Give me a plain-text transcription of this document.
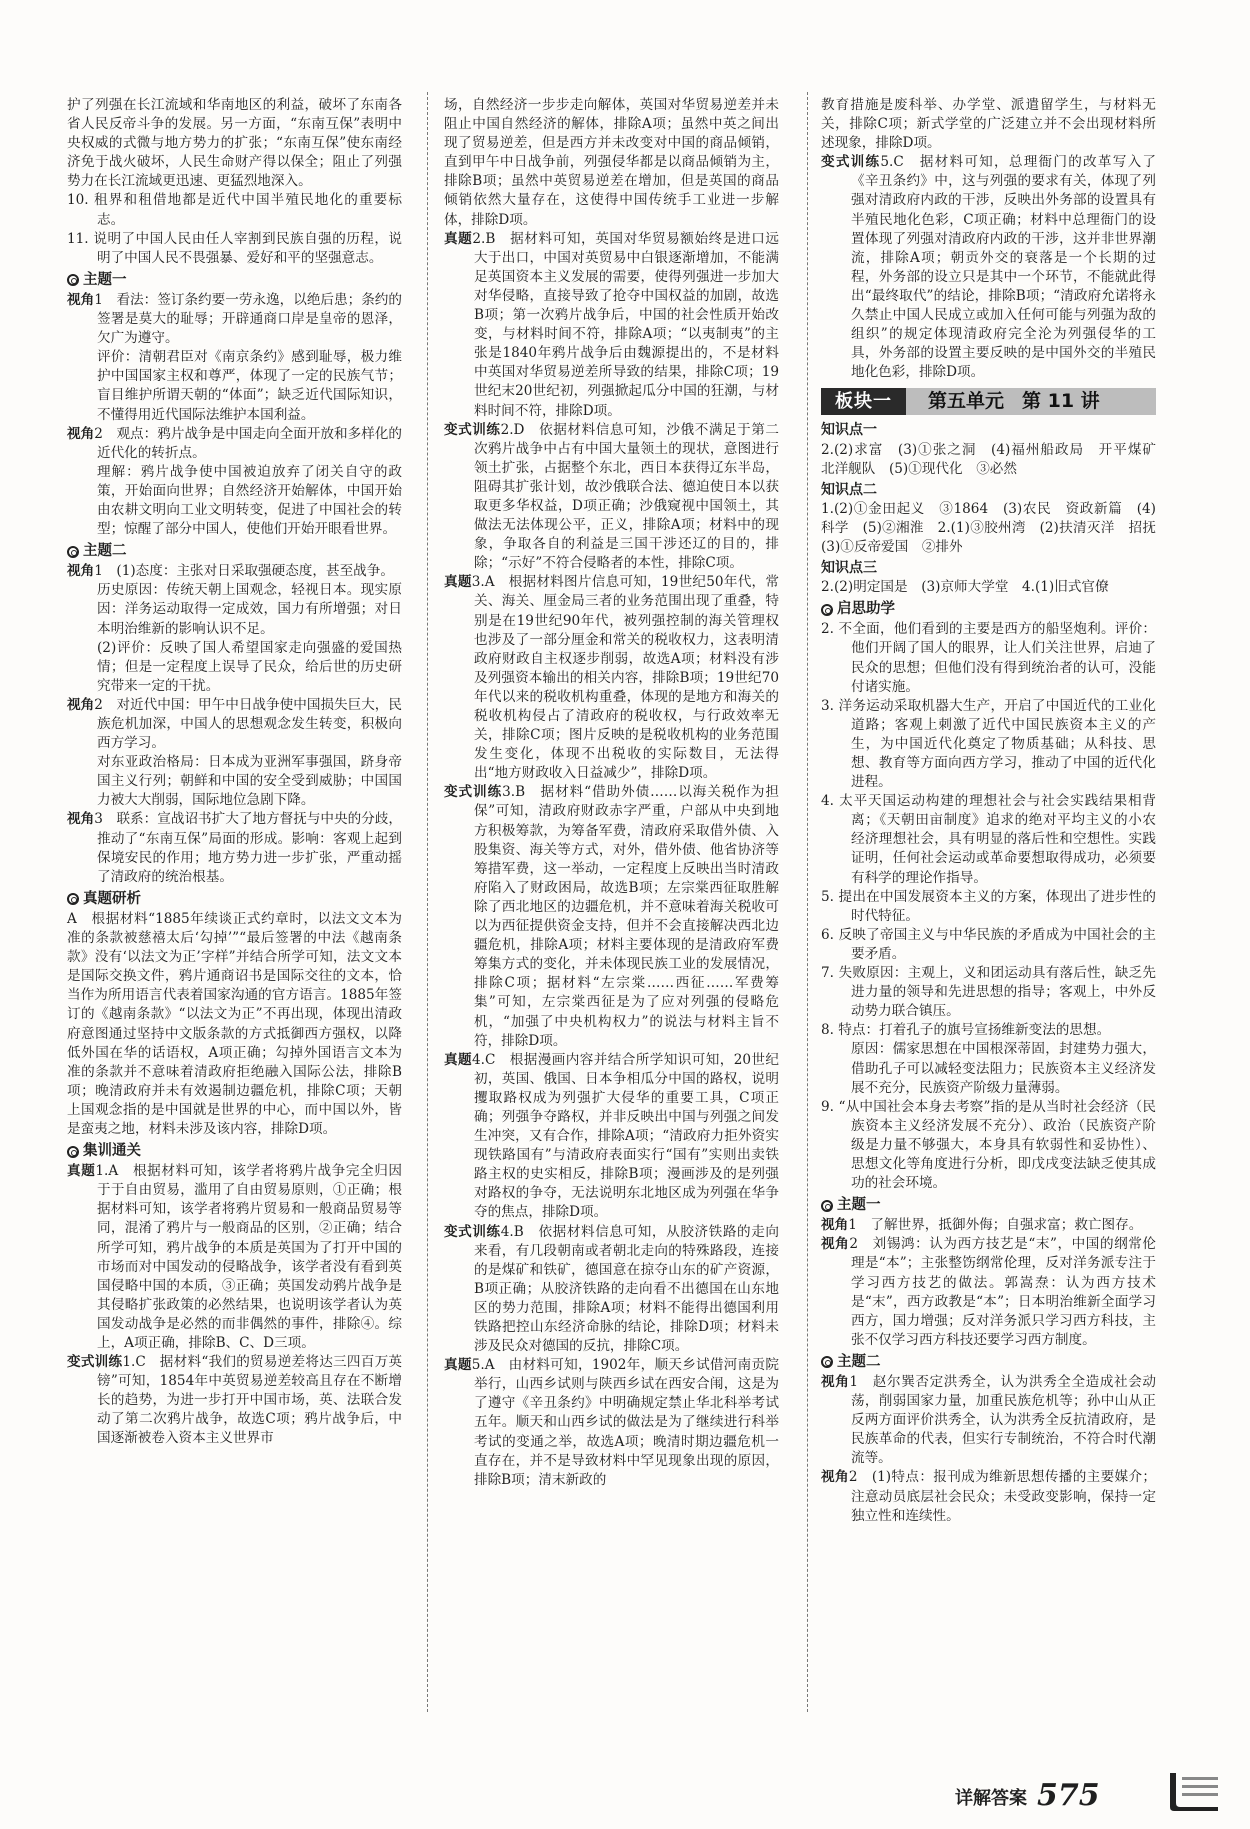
护了列强在长江流域和华南地区的利益，破坏了东南各省人民反帝斗争的发展。另一方面，“东南互保”表明中央权威的式微与地方势力的扩张；“东南互保”使东南经济免于战火破坏，人民生命财产得以保全；阻止了列强势力在长江流域更迅速、更猛烈地深入。

10. 租界和租借地都是近代中国半殖民地化的重要标志。

11. 说明了中国人民由任人宰割到民族自强的历程，说明了中国人民不畏强暴、爱好和平的坚强意志。

主题一

视角1　看法：签订条约要一劳永逸，以绝后患；条约的签署是莫大的耻辱；开辟通商口岸是皇帝的恩泽，欠广为遵守。

评价：清朝君臣对《南京条约》感到耻辱，极力维护中国国家主权和尊严，体现了一定的民族气节；盲目维护所谓天朝的“体面”；缺乏近代国际知识，不懂得用近代国际法维护本国利益。

视角2　观点：鸦片战争是中国走向全面开放和多样化的近代化的转折点。

理解：鸦片战争使中国被迫放弃了闭关自守的政策，开始面向世界；自然经济开始解体，中国开始由农耕文明向工业文明转变，促进了中国社会的转型；惊醒了部分中国人，使他们开始开眼看世界。

主题二

视角1　(1)态度：主张对日采取强硬态度，甚至战争。

历史原因：传统天朝上国观念，轻视日本。现实原因：洋务运动取得一定成效，国力有所增强；对日本明治维新的影响认识不足。

(2)评价：反映了国人希望国家走向强盛的爱国热情；但是一定程度上误导了民众，给后世的历史研究带来一定的干扰。

视角2　对近代中国：甲午中日战争使中国损失巨大，民族危机加深，中国人的思想观念发生转变，积极向西方学习。

对东亚政治格局：日本成为亚洲军事强国，跻身帝国主义行列；朝鲜和中国的安全受到威胁；中国国力被大大削弱，国际地位急剧下降。

视角3　联系：宣战诏书扩大了地方督抚与中央的分歧，推动了“东南互保”局面的形成。影响：客观上起到保境安民的作用；地方势力进一步扩张，严重动摇了清政府的统治根基。

真题研析

A　根据材料“1885年续谈正式约章时，以法文文本为准的条款被慈禧太后‘勾掉’”“最后签署的中法《越南条款》没有‘以法文为正’字样”并结合所学可知，法文文本是国际交换文件，鸦片通商诏书是国际交往的文本，恰当作为所用语言代表着国家沟通的官方语言。1885年签订的《越南条款》“以法文为正”不再出现，体现出清政府意图通过坚持中文版条款的方式抵御西方强权，以降低外国在华的话语权，A项正确；勾掉外国语言文本为准的条款并不意味着清政府拒绝融入国际公法，排除B项；晚清政府并未有效遏制边疆危机，排除C项；天朝上国观念指的是中国就是世界的中心，而中国以外，皆是蛮夷之地，材料未涉及该内容，排除D项。

集训通关

真题1.A　根据材料可知，该学者将鸦片战争完全归因于于自由贸易，滥用了自由贸易原则，①正确；根据材料可知，该学者将鸦片贸易和一般商品贸易等同，混淆了鸦片与一般商品的区别，②正确；结合所学可知，鸦片战争的本质是英国为了打开中国的市场而对中国发动的侵略战争，该学者没有看到英国侵略中国的本质，③正确；英国发动鸦片战争是其侵略扩张政策的必然结果，也说明该学者认为英国发动战争是必然的而非偶然的事件，排除④。综上，A项正确，排除B、C、D三项。

变式训练1.C　据材料“我们的贸易逆差将达三四百万英镑”可知，1854年中英贸易逆差较高且存在不断增长的趋势，为进一步打开中国市场，英、法联合发动了第二次鸦片战争，故选C项；鸦片战争后，中国逐渐被卷入资本主义世界市

场，自然经济一步步走向解体，英国对华贸易逆差并未阻止中国自然经济的解体，排除A项；虽然中英之间出现了贸易逆差，但是西方并未改变对中国的商品倾销，直到甲午中日战争前，列强侵华都是以商品倾销为主，排除B项；虽然中英贸易逆差在增加，但是英国的商品倾销依然大量存在，这使得中国传统手工业进一步解体，排除D项。

真题2.B　据材料可知，英国对华贸易额始终是进口远大于出口，中国对英贸易中白银逐渐增加，不能满足英国资本主义发展的需要，使得列强进一步加大对华侵略，直接导致了抢夺中国权益的加剧，故选B项；第一次鸦片战争后，中国的社会性质开始改变，与材料时间不符，排除A项；“以夷制夷”的主张是1840年鸦片战争后由魏源提出的，不是材料中英国对华贸易逆差所导致的结果，排除C项；19世纪末20世纪初，列强掀起瓜分中国的狂潮，与材料时间不符，排除D项。

变式训练2.D　依据材料信息可知，沙俄不满足于第二次鸦片战争中占有中国大量领土的现状，意图进行领土扩张，占据整个东北，西日本获得辽东半岛，阻碍其扩张计划，故沙俄联合法、德迫使日本以获取更多华权益，D项正确；沙俄窥视中国领土，其做法无法体现公平，正义，排除A项；材料中的现象，争取各自的利益是三国干涉还辽的目的，排除；“示好”不符合侵略者的本性，排除C项。

真题3.A　根据材料图片信息可知，19世纪50年代，常关、海关、厘金局三者的业务范围出现了重叠，特别是在19世纪90年代，被列强控制的海关管理权也涉及了一部分厘金和常关的税收权力，这表明清政府财政自主权逐步削弱，故选A项；材料没有涉及列强资本输出的相关内容，排除B项；19世纪70年代以来的税收机构重叠，体现的是地方和海关的税收机构侵占了清政府的税收权，与行政效率无关，排除C项；图片反映的是税收机构的业务范围发生变化，体现不出税收的实际数目，无法得出“地方财政收入日益减少”，排除D项。

变式训练3.B　据材料“借助外债……以海关税作为担保”可知，清政府财政赤字严重，户部从中央到地方积极筹款，为筹备军费，清政府采取借外债、入股集资、海关等方式，对外，借外债、他省协济等筹措军费，这一举动，一定程度上反映出当时清政府陷入了财政困局，故选B项；左宗棠西征取胜解除了西北地区的边疆危机，并不意味着海关税收可以为西征提供资金支持，但并不会直接解决西北边疆危机，排除A项；材料主要体现的是清政府军费筹集方式的变化，并未体现民族工业的发展情况，排除C项；据材料“左宗棠……西征……军费筹集”可知，左宗棠西征是为了应对列强的侵略危机，“加强了中央机构权力”的说法与材料主旨不符，排除D项。

真题4.C　根据漫画内容并结合所学知识可知，20世纪初，英国、俄国、日本争相瓜分中国的路权，说明攫取路权成为列强扩大侵华的重要工具，C项正确；列强争夺路权，并非反映出中国与列强之间发生冲突，又有合作，排除A项；“清政府力拒外资实现铁路国有”与清政府表面实行“国有”实则出卖铁路主权的史实相反，排除B项；漫画涉及的是列强对路权的争夺，无法说明东北地区成为列强在华争夺的焦点，排除D项。

变式训练4.B　依据材料信息可知，从胶济铁路的走向来看，有几段朝南或者朝北走向的特殊路段，连接的是煤矿和铁矿，德国意在掠夺山东的矿产资源，B项正确；从胶济铁路的走向看不出德国在山东地区的势力范围，排除A项；材料不能得出德国利用铁路把控山东经济命脉的结论，排除D项；材料未涉及民众对德国的反抗，排除C项。

真题5.A　由材料可知，1902年，顺天乡试借河南贡院举行，山西乡试则与陕西乡试在西安合闱，这是为了遵守《辛丑条约》中明确规定禁止华北科举考试五年。顺天和山西乡试的做法是为了继续进行科举考试的变通之举，故选A项；晚清时期边疆危机一直存在，并不是导致材料中罕见现象出现的原因，排除B项；清末新政的

教育措施是废科举、办学堂、派遣留学生，与材料无关，排除C项；新式学堂的广泛建立并不会出现材料所述现象，排除D项。

变式训练5.C　据材料可知，总理衙门的改革写入了《辛丑条约》中，这与列强的要求有关，体现了列强对清政府内政的干涉，反映出外务部的设置具有半殖民地化色彩，C项正确；材料中总理衙门的设置体现了列强对清政府内政的干涉，这并非世界潮流，排除A项；朝贡外交的衰落是一个长期的过程，外务部的设立只是其中一个环节，不能就此得出“最终取代”的结论，排除B项；“清政府允诺将永久禁止中国人民成立或加入任何可能与列强为敌的组织”的规定体现清政府完全沦为列强侵华的工具，外务部的设置主要反映的是中国外交的半殖民地化色彩，排除D项。

板块一	第五单元 第 11 讲
知识点一

2.(2)求富　(3)①张之洞　(4)福州船政局　开平煤矿　北洋舰队　(5)①现代化　③必然

知识点二

1.(2)①金田起义　③1864　(3)农民　资政新篇　(4)科学　(5)②湘淮　2.(1)③胶州湾　(2)扶清灭洋　招抚　(3)①反帝爱国　②排外

知识点三

2.(2)明定国是　(3)京师大学堂　4.(1)旧式官僚

启思助学

2. 不全面，他们看到的主要是西方的船坚炮利。评价：他们开阔了国人的眼界，让人们关注世界，启迪了民众的思想；但他们没有得到统治者的认可，没能付诸实施。

3. 洋务运动采取机器大生产，开启了中国近代的工业化道路；客观上刺激了近代中国民族资本主义的产生，为中国近代化奠定了物质基础；从科技、思想、教育等方面向西方学习，推动了中国的近代化进程。

4. 太平天国运动构建的理想社会与社会实践结果相背离；《天朝田亩制度》追求的绝对平均主义的小农经济理想社会，具有明显的落后性和空想性。实践证明，任何社会运动或革命要想取得成功，必须要有科学的理论作指导。

5. 提出在中国发展资本主义的方案，体现出了进步性的时代特征。

6. 反映了帝国主义与中华民族的矛盾成为中国社会的主要矛盾。

7. 失败原因：主观上，义和团运动具有落后性，缺乏先进力量的领导和先进思想的指导；客观上，中外反动势力联合镇压。

8. 特点：打着孔子的旗号宣扬维新变法的思想。

原因：儒家思想在中国根深蒂固，封建势力强大，借助孔子可以减轻变法阻力；民族资本主义经济发展不充分，民族资产阶级力量薄弱。

9. “从中国社会本身去考察”指的是从当时社会经济（民族资本主义经济发展不充分）、政治（民族资产阶级是力量不够强大，本身具有软弱性和妥协性）、思想文化等角度进行分析，即戊戌变法缺乏使其成功的社会环境。

主题一

视角1　了解世界，抵御外侮；自强求富；救亡图存。

视角2　刘锡鸿：认为西方技艺是“末”，中国的纲常伦理是“本”；主张整饬纲常伦理，反对洋务派专注于学习西方技艺的做法。郭嵩焘：认为西方技术是“末”，西方政教是“本”；日本明治维新全面学习西方，国力增强；反对洋务派只学习西方科技，主张不仅学习西方科技还要学习西方制度。

主题二

视角1　赵尔巽否定洪秀全，认为洪秀全全造成社会动荡，削弱国家力量，加重民族危机等；孙中山从正反两方面评价洪秀全，认为洪秀全反抗清政府，是民族革命的代表，但实行专制统治，不符合时代潮流等。

视角2　(1)特点：报刊成为维新思想传播的主要媒介；注意动员底层社会民众；未受政变影响，保持一定独立性和连续性。

详解答案 575
